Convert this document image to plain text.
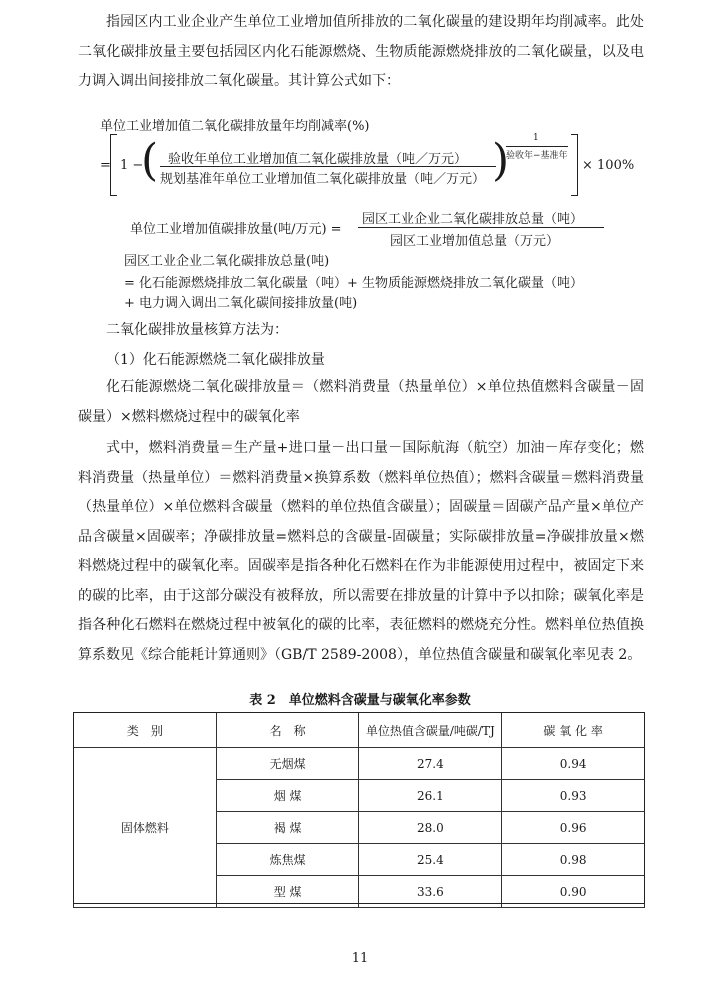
指园区内工业企业产生单位工业增加值所排放的二氧化碳量的建设期年均削减率。此处二氧化碳排放量主要包括园区内化石能源燃烧、生物质能源燃烧排放的二氧化碳量，以及电力调入调出间接排放二氧化碳量。其计算公式如下：

单位工业增加值二氧化碳排放量年均削减率(%)
= 1 −
( 验收年单位工业增加值二氧化碳排放量（吨／万元）
规划基准年单位工业增加值二氧化碳排放量（吨／万元） )	1
验收年−基准年
× 100%
单位工业增加值碳排放量(吨/万元) =
园区工业企业二氧化碳排放总量（吨）
园区工业增加值总量（万元）
园区工业企业二氧化碳排放总量(吨)
= 化石能源燃烧排放二氧化碳量（吨）+ 生物质能源燃烧排放二氧化碳量（吨）
+ 电力调入调出二氧化碳间接排放量(吨)
二氧化碳排放量核算方法为：
（1）化石能源燃烧二氧化碳排放量

化石能源燃烧二氧化碳排放量＝（燃料消费量（热量单位）×单位热值燃料含碳量－固碳量）×燃料燃烧过程中的碳氧化率

式中，燃料消费量＝生产量+进口量－出口量－国际航海（航空）加油－库存变化；燃料消费量（热量单位）＝燃料消费量×换算系数（燃料单位热值）；燃料含碳量＝燃料消费量（热量单位）×单位燃料含碳量（燃料的单位热值含碳量）；固碳量＝固碳产品产量×单位产品含碳量×固碳率；净碳排放量=燃料总的含碳量-固碳量；实际碳排放量=净碳排放量×燃料燃烧过程中的碳氧化率。固碳率是指各种化石燃料在作为非能源使用过程中，被固定下来的碳的比率，由于这部分碳没有被释放，所以需要在排放量的计算中予以扣除；碳氧化率是指各种化石燃料在燃烧过程中被氧化的碳的比率，表征燃料的燃烧充分性。燃料单位热值换算系数见《综合能耗计算通则》（GB/T 2589-2008），单位热值含碳量和碳氧化率见表 2。

表 2　单位燃料含碳量与碳氧化率参数
类　别	名　称	单位热值含碳量/吨碳/TJ	碳 氧 化 率
固体燃料	无烟煤	27.4	0.94
	烟 煤	26.1	0.93
	褐 煤	28.0	0.96
	炼焦煤	25.4	0.98
	型 煤	33.6	0.90
11
